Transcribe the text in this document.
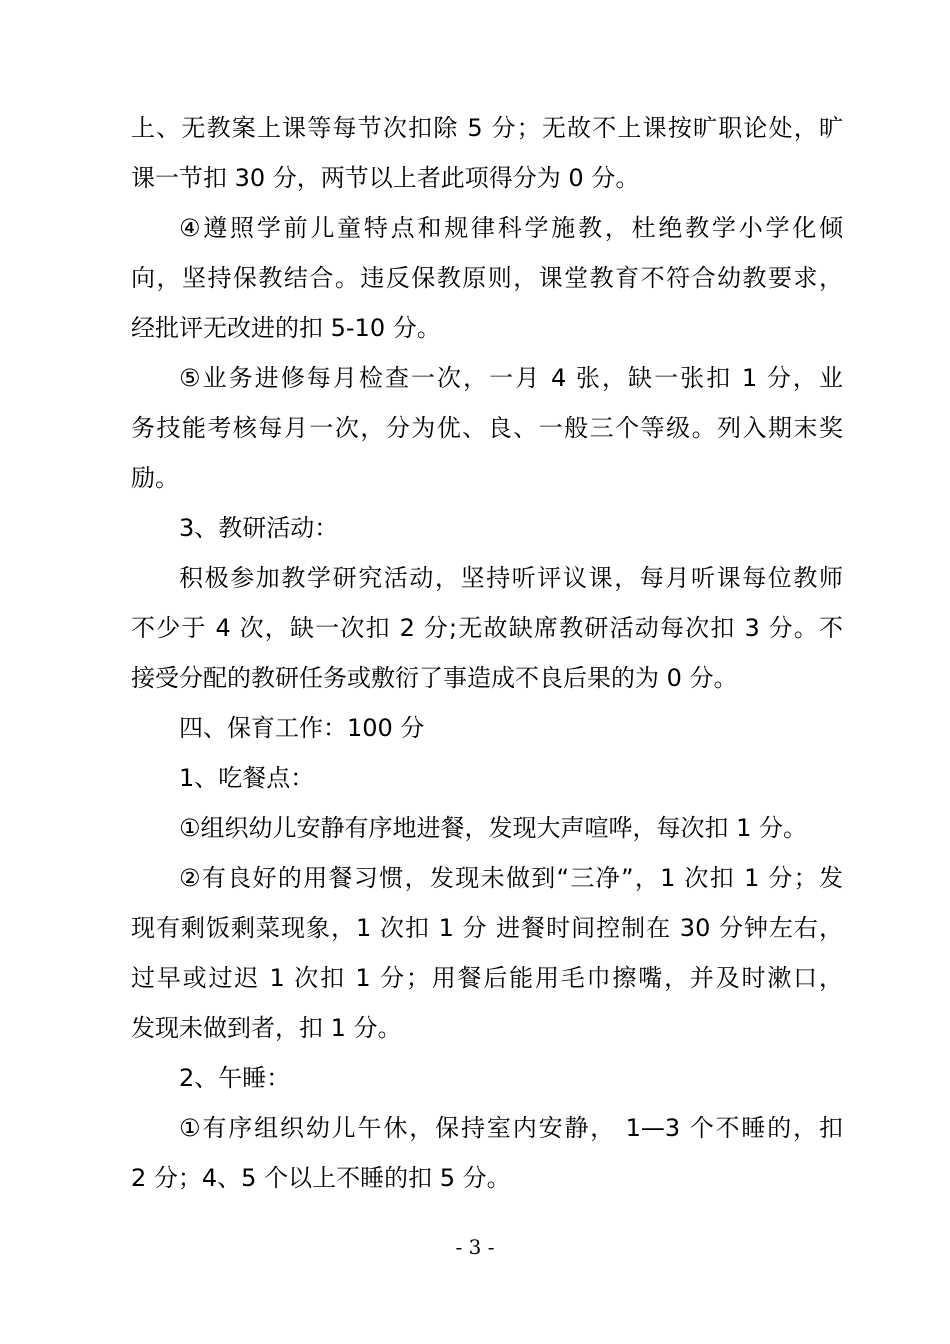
上、无教案上课等每节次扣除 5 分；无故不上课按旷职论处，旷
课一节扣 30 分，两节以上者此项得分为 0 分。
④遵照学前儿童特点和规律科学施教，杜绝教学小学化倾
向，坚持保教结合。违反保教原则，课堂教育不符合幼教要求，
经批评无改进的扣 5-10 分。
⑤业务进修每月检查一次，一月 4 张，缺一张扣 1 分，业
务技能考核每月一次，分为优、良、一般三个等级。列入期末奖
励。
3、教研活动：
积极参加教学研究活动，坚持听评议课，每月听课每位教师
不少于 4 次，缺一次扣 2 分;无故缺席教研活动每次扣 3 分。不
接受分配的教研任务或敷衍了事造成不良后果的为 0 分。
四、保育工作：100 分
1、吃餐点：
①组织幼儿安静有序地进餐，发现大声喧哗，每次扣 1 分。
②有良好的用餐习惯，发现未做到“三净”，1 次扣 1 分；发
现有剩饭剩菜现象，1 次扣 1 分 进餐时间控制在 30 分钟左右，
过早或过迟 1 次扣 1 分；用餐后能用毛巾擦嘴，并及时漱口，
发现未做到者，扣 1 分。
2、午睡：
①有序组织幼儿午休，保持室内安静， 1—3 个不睡的，扣
2 分；4、5 个以上不睡的扣 5 分。
- 3 -
